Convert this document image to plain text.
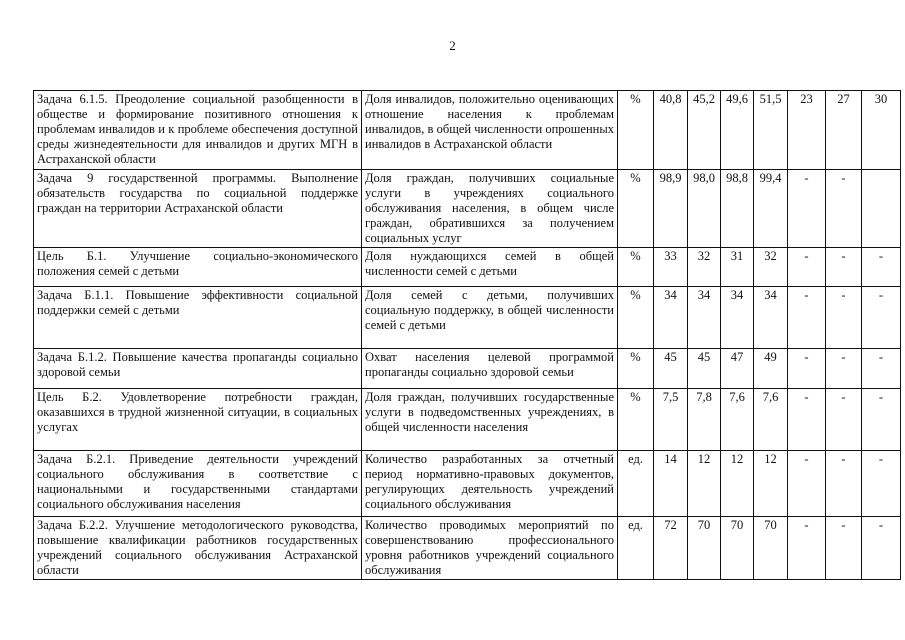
2
Задача 6.1.5. Преодоление социальной разобщенности в обществе и формирование позитивного отношения к проблемам инвалидов и к проблеме обеспечения доступной среды жизнедеятельности для инвалидов и других МГН в Астраханской области	Доля инвалидов, положительно оценивающих отношение населения к проблемам инвалидов, в общей численности опрошенных инвалидов в Астраханской области	%	40,8	45,2	49,6	51,5	23	27	30
Задача 9 государственной программы. Выполнение обязательств государства по социальной поддержке граждан на территории Астраханской области	Доля граждан, получивших социальные услуги в учреждениях социального обслуживания населения, в общем числе граждан, обратившихся за получением социальных услуг	%	98,9	98,0	98,8	99,4	-	-	
Цель Б.1. Улучшение социально-экономического положения семей с детьми	Доля нуждающихся семей в общей численности семей с детьми	%	33	32	31	32	-	-	-
Задача Б.1.1. Повышение эффективности социальной поддержки семей с детьми	Доля семей с детьми, получивших социальную поддержку, в общей численности семей с детьми	%	34	34	34	34	-	-	-
Задача Б.1.2. Повышение качества пропаганды социально здоровой семьи	Охват населения целевой программой пропаганды социально здоровой семьи	%	45	45	47	49	-	-	-
Цель Б.2. Удовлетворение потребности граждан, оказавшихся в трудной жизненной ситуации, в социальных услугах	Доля граждан, получивших государственные услуги в подведомственных учреждениях, в общей численности населения	%	7,5	7,8	7,6	7,6	-	-	-
Задача Б.2.1. Приведение деятельности учреждений социального обслуживания в соответствие с национальными и государственными стандартами социального обслуживания населения	Количество разработанных за отчетный период нормативно-правовых документов, регулирующих деятельность учреждений социального обслуживания	ед.	14	12	12	12	-	-	-
Задача Б.2.2. Улучшение методологического руководства, повышение квалификации работников государственных учреждений социального обслуживания Астраханской области	Количество проводимых мероприятий по совершенствованию профессионального уровня работников учреждений социального обслуживания	ед.	72	70	70	70	-	-	-
